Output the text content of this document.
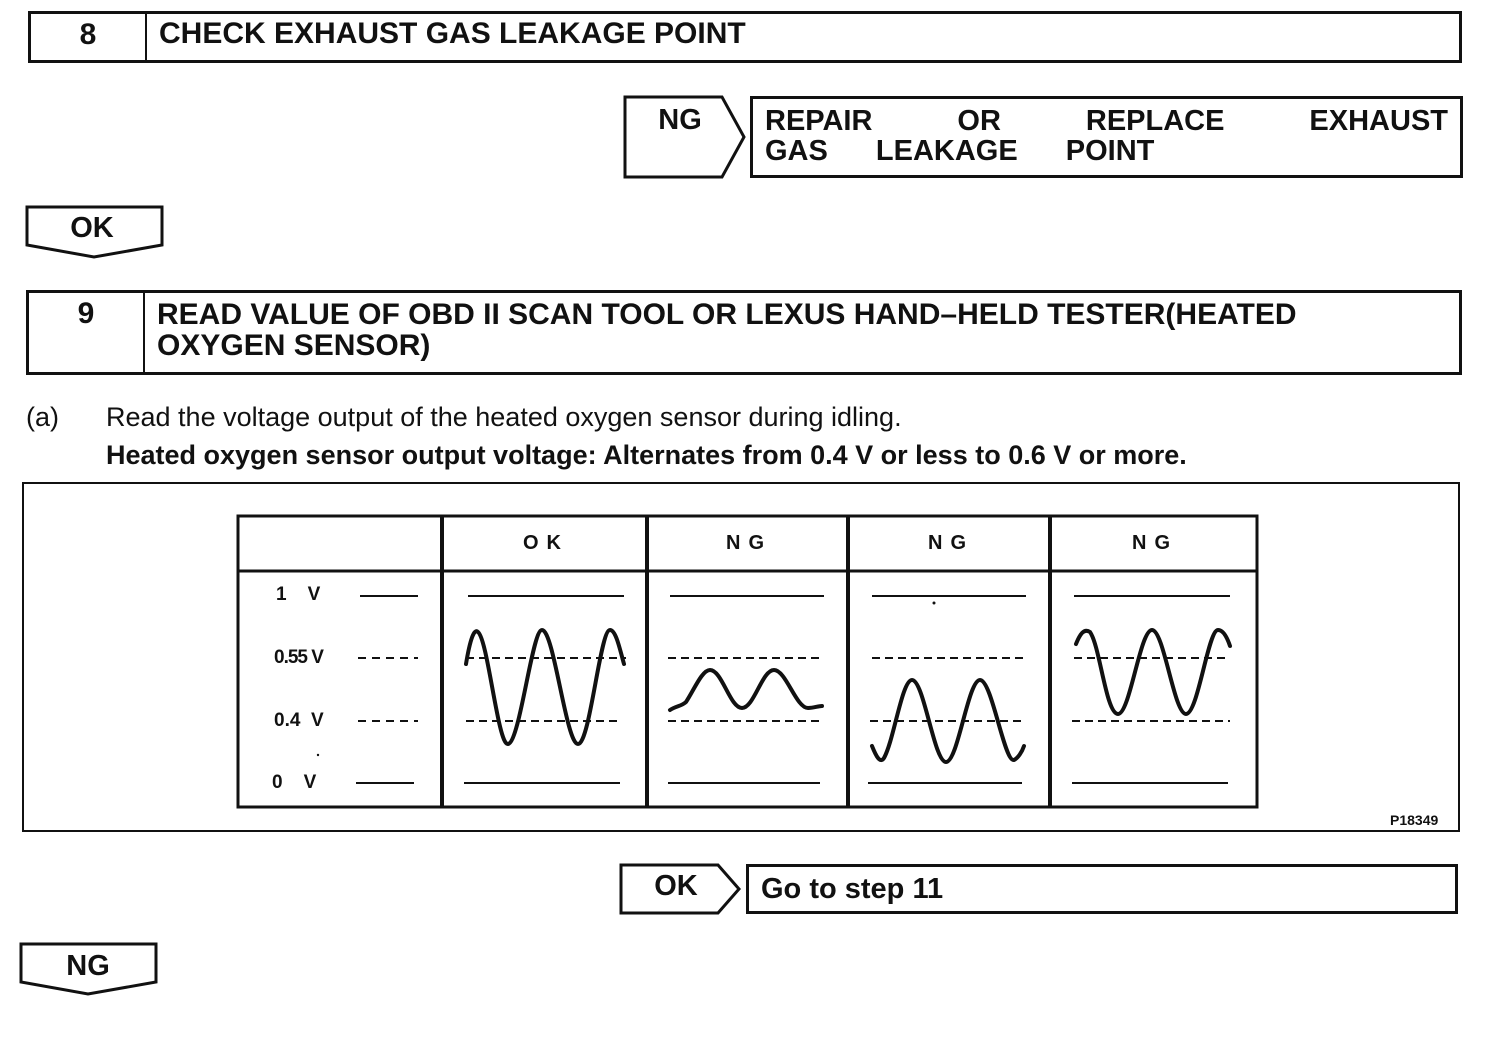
8	CHECK EXHAUST GAS LEAKAGE POINT
NG	REPAIR OR REPLACE EXHAUST GAS LEAKAGE POINT
OK
9	READ VALUE OF OBD II SCAN TOOL OR LEXUS HAND–HELD TESTER(HEATED
OXYGEN SENSOR)
(a) Read the voltage output of the heated oxygen sensor during idling.
Heated oxygen sensor output voltage: Alternates from 0.4 V or less to 0.6 V or more.
OK	NG	NG	NG
1    V
0.55 V
0.4  V
0    V
P18349
OK	Go to step 11
NG
